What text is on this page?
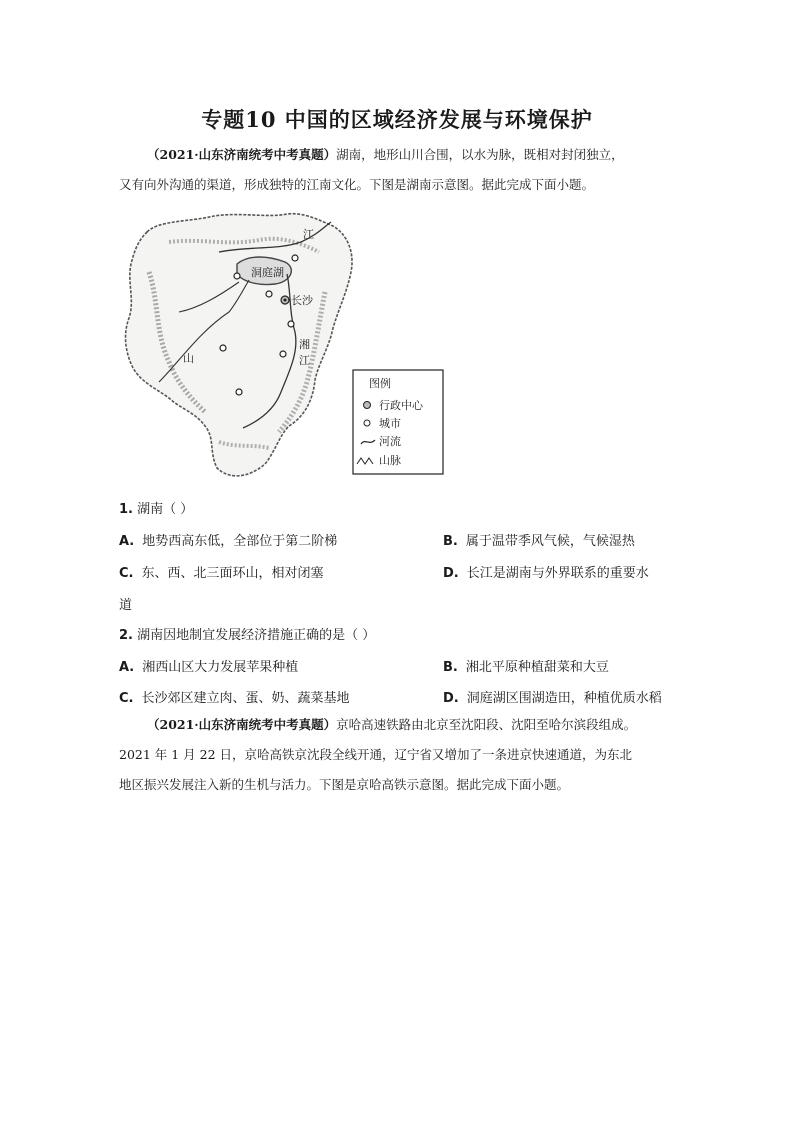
专题10 中国的区域经济发展与环境保护
（2021·山东济南统考中考真题）湖南，地形山川合围，以水为脉，既相对封闭独立，
又有向外沟通的渠道，形成独特的江南文化。下图是湖南示意图。据此完成下面小题。
洞庭湖
长沙
江
湘
江
山
图例
行政中心
城市
河流
山脉
1. 湖南（ ）
A. 地势西高东低，全部位于第二阶梯	B. 属于温带季风气候，气候湿热
C. 东、西、北三面环山，相对闭塞	D. 长江是湖南与外界联系的重要水
道
2. 湖南因地制宜发展经济措施正确的是（ ）
A. 湘西山区大力发展苹果种植	B. 湘北平原种植甜菜和大豆
C. 长沙郊区建立肉、蛋、奶、蔬菜基地	D. 洞庭湖区围湖造田，种植优质水稻
（2021·山东济南统考中考真题）京哈高速铁路由北京至沈阳段、沈阳至哈尔滨段组成。
2021 年 1 月 22 日，京哈高铁京沈段全线开通，辽宁省又增加了一条进京快速通道，为东北
地区振兴发展注入新的生机与活力。下图是京哈高铁示意图。据此完成下面小题。
